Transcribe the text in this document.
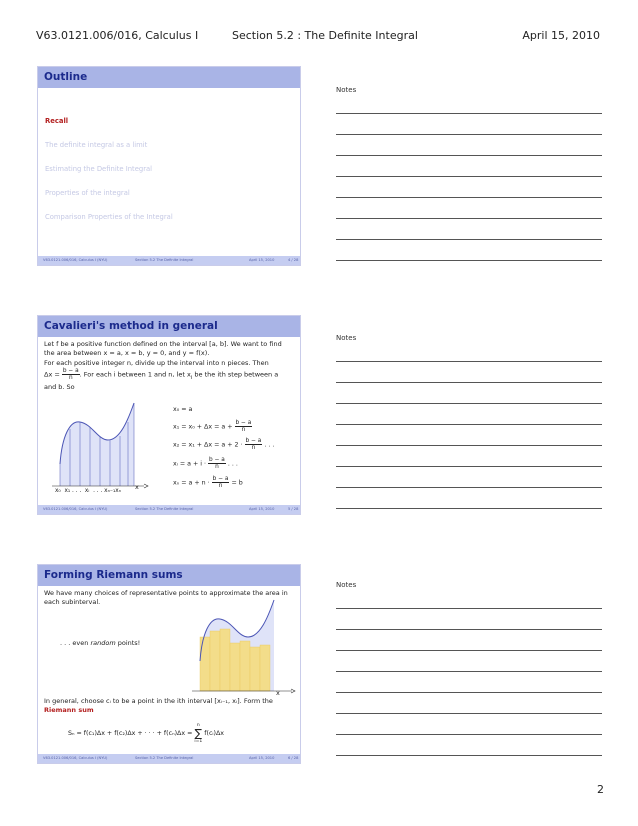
V63.0121.006/016, Calculus I	Section 5.2 : The Definite Integral	April 15, 2010
Outline
Recall
The definite integral as a limit
Estimating the Definite Integral
Properties of the integral
Comparison Properties of the Integral
V63.0121.006/016, Calculus I (NYU)	Section 5.2 The Definite Integral	April 15, 2010	4 / 28
Cavalieri's method in general
Let f be a positive function defined on the interval [a, b]. We want to find the area between x = a, x = b, y = 0, and y = f(x).
For each positive integer n, divide up the interval into n pieces. Then
$\Delta x = \frac{b - a}{n}$ . For each i between 1 and n, let $x_i$ be the ith step between a
and b. So
x
x₀  x₁ . . .  xᵢ  . . . xₙ₋₁xₙ
x₀ = a
$x_1 = x_0 + \Delta x = a + \frac{b - a}{n}$
$x_2 = x_1 + \Delta x = a + 2 \cdot \frac{b - a}{n}$ . . .
xᵢ = $a + i \cdot \frac{b - a}{n}$ . . .
$x_n = a + n \cdot \frac{b - a}{n} = b$
V63.0121.006/016, Calculus I (NYU)	Section 5.2 The Definite Integral	April 15, 2010	5 / 28
Forming Riemann sums
We have many choices of representative points to approximate the area in each subinterval.
. . . even random points!
x
In general, choose cᵢ to be a point in the ith interval [xᵢ₋₁, xᵢ]. Form the
Riemann sum
Sₙ = f(c₁)Δx + f(c₂)Δx + · · · + f(cₙ)Δx =
n
∑
i=1
f(cᵢ)Δx
V63.0121.006/016, Calculus I (NYU)	Section 5.2 The Definite Integral	April 15, 2010	6 / 28
Notes
Notes
Notes
2
